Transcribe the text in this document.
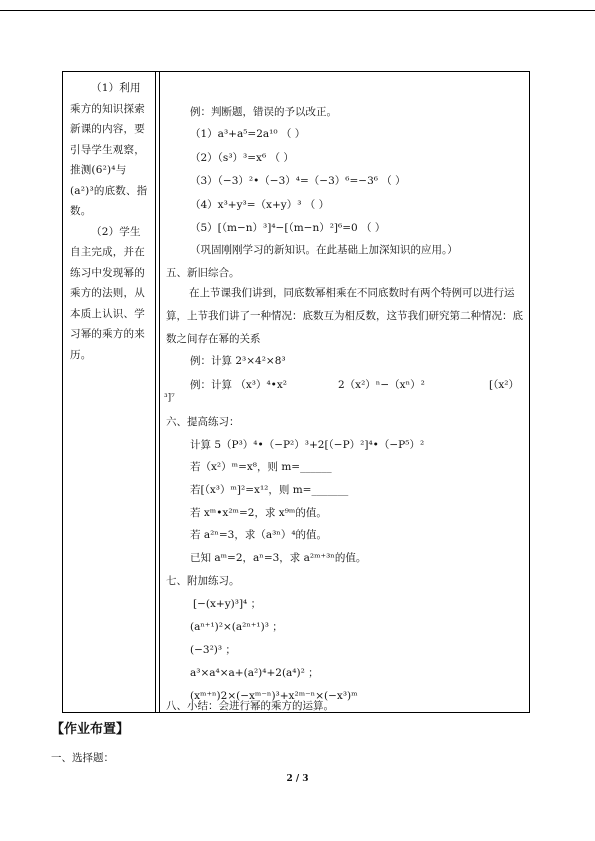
（1）利用乘方的知识探索新课的内容，要引导学生观察，推测(6²)⁴与(a²)³的底数、指数。

（2）学生自主完成，并在练习中发现幂的乘方的法则，从本质上认识、学习幂的乘方的来历。

例：判断题，错误的予以改正。
（1）a³+a⁵=2a¹⁰ （ ）
（2）（s³）³=x⁶ （ ）
（3）（−3）²•（−3）⁴=（−3）⁶=−3⁶ （ ）
（4）x³+y³=（x+y）³ （ ）
（5）[（m−n）³]⁴−[（m−n）²]⁶=0 （ ）
（巩固刚刚学习的新知识。在此基础上加深知识的应用。）
五、新旧综合。
在上节课我们讲到，同底数幂相乘在不同底数时有两个特例可以进行运算，上节我们讲了一种情况：底数互为相反数，这节我们研究第二种情况：底数之间存在幂的关系
例：计算 2³×4²×8³
例：计算 （x³）⁴•x²	2（x²）ⁿ−（xⁿ）²	[（x²）
³]⁷
六、提高练习：
计算 5（P³）⁴•（−P²）³+2[（−P）²]⁴•（−P⁵）²
若（x²）ᵐ=x⁸，则 m=______
若[（x³）ᵐ]²=x¹²，则 m=_______
若 xᵐ•x²ᵐ=2，求 x⁹ᵐ的值。
若 a²ⁿ=3，求（a³ⁿ）⁴的值。
已知 aᵐ=2，aⁿ=3，求 a²ᵐ⁺³ⁿ的值。
七、附加练习。
[−(x+y)³]⁴ ；
(aⁿ⁺¹)²×(a²ⁿ⁺¹)³ ；
(−3²)³ ；
a³×a⁴×a+(a²)⁴+2(a⁴)² ；
(xᵐ⁺ⁿ)2×(−xᵐ⁻ⁿ)³+x²ᵐ⁻ⁿ×(−x³)ᵐ
八、小结：会进行幂的乘方的运算。
【作业布置】
一、选择题：
2 / 3
